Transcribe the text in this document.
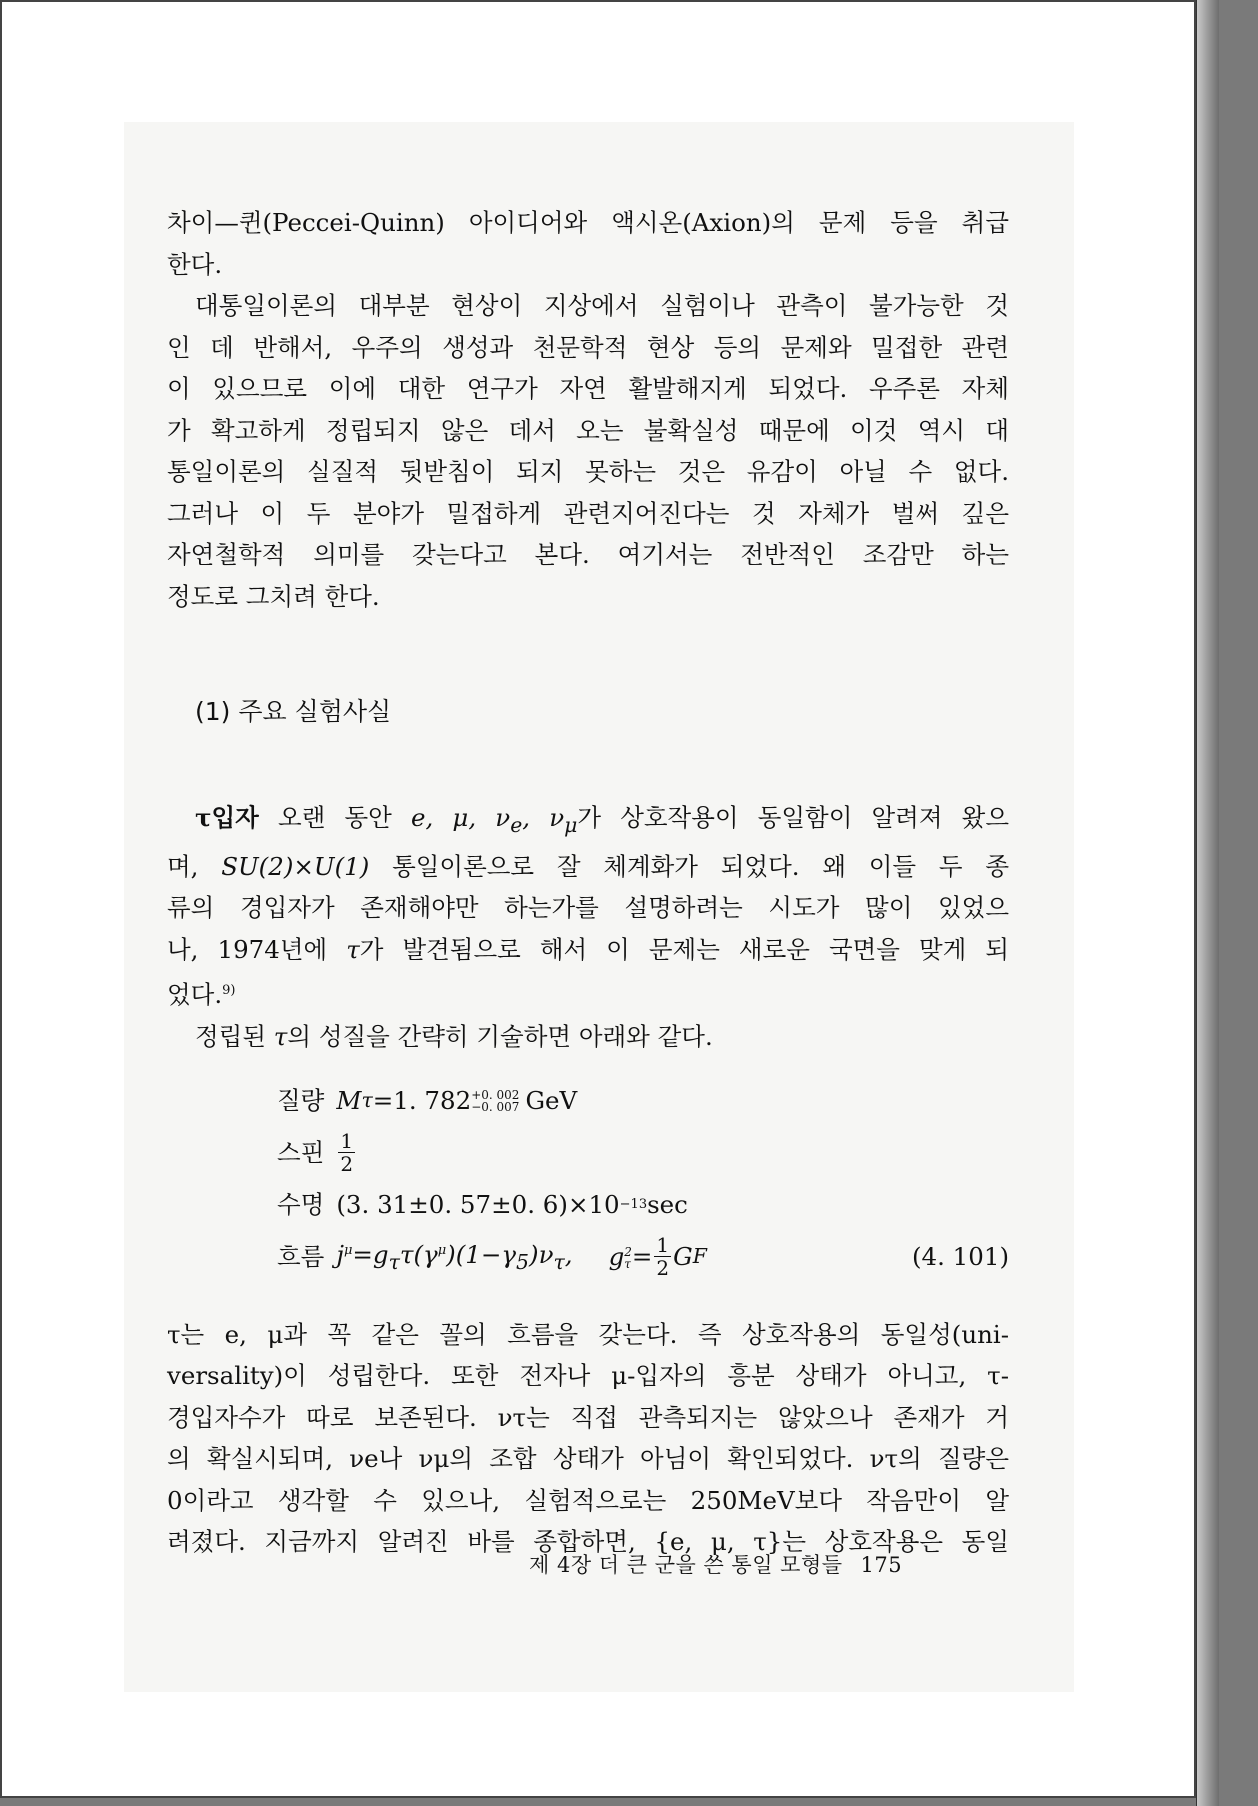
차이—퀸(Peccei-Quinn) 아이디어와 액시온(Axion)의 문제 등을 취급

한다.

대통일이론의 대부분 현상이 지상에서 실험이나 관측이 불가능한 것

인 데 반해서, 우주의 생성과 천문학적 현상 등의 문제와 밀접한 관련

이 있으므로 이에 대한 연구가 자연 활발해지게 되었다. 우주론 자체

가 확고하게 정립되지 않은 데서 오는 불확실성 때문에 이것 역시 대

통일이론의 실질적 뒷받침이 되지 못하는 것은 유감이 아닐 수 없다.

그러나 이 두 분야가 밀접하게 관련지어진다는 것 자체가 벌써 깊은

자연철학적 의미를 갖는다고 본다. 여기서는 전반적인 조감만 하는

정도로 그치려 한다.

(1) 주요 실험사실

τ입자 오랜 동안 e, μ, $\nu_e$, $\nu_\mu$가 상호작용이 동일함이 알려져 왔으

며, SU(2)×U(1) 통일이론으로 잘 체계화가 되었다. 왜 이들 두 종

류의 경입자가 존재해야만 하는가를 설명하려는 시도가 많이 있었으

나, 1974년에 τ가 발견됨으로 해서 이 문제는 새로운 국면을 맞게 되

었다.$^{9)}$

정립된 τ의 성질을 간략히 기술하면 아래와 같다.

질량 M τ =1. 782 +0. 002
−0. 007 GeV
스핀 $\frac{1}{2}$
수명 (3. 31±0. 57±0. 6)×10 −13 sec
흐름 $j^\mu=g_\tau\tau(\gamma^\mu)(1-\gamma_5)\nu_\tau$, g 2
$\tau = \frac{1}{2}$ G F	(4. 101)

τ는 e, μ과 꼭 같은 꼴의 흐름을 갖는다. 즉 상호작용의 동일성(uni-

versality)이 성립한다. 또한 전자나 μ-입자의 흥분 상태가 아니고, τ-

경입자수가 따로 보존된다. ντ는 직접 관측되지는 않았으나 존재가 거

의 확실시되며, νe나 νμ의 조합 상태가 아님이 확인되었다. ντ의 질량은

0이라고 생각할 수 있으나, 실험적으로는 250MeV보다 작음만이 알

려졌다. 지금까지 알려진 바를 종합하면, {e, μ, τ}는 상호작용은 동일

제 4장 더 큰 군을 쓴 통일 모형들 175
